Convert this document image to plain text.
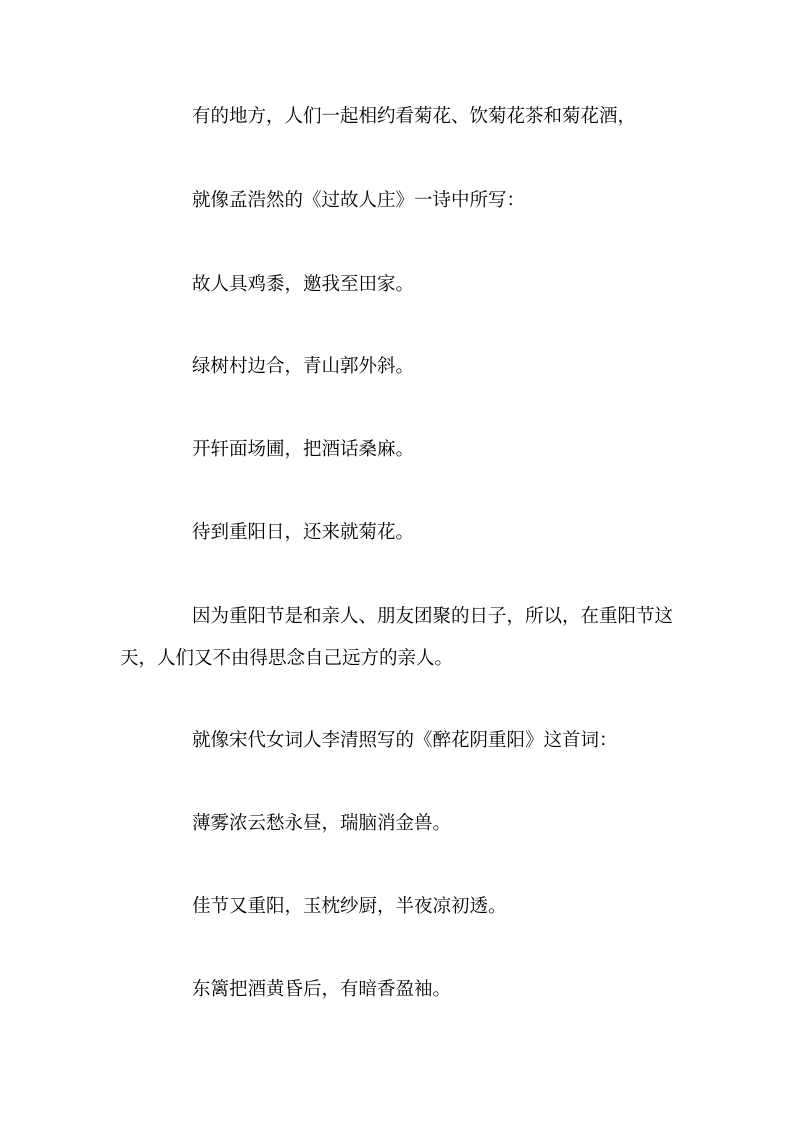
有的地方，人们一起相约看菊花、饮菊花茶和菊花酒，

就像孟浩然的《过故人庄》一诗中所写：

故人具鸡黍，邀我至田家。

绿树村边合，青山郭外斜。

开轩面场圃，把酒话桑麻。

待到重阳日，还来就菊花。

因为重阳节是和亲人、朋友团聚的日子，所以，在重阳节这天，人们又不由得思念自己远方的亲人。

就像宋代女词人李清照写的《醉花阴重阳》这首词：

薄雾浓云愁永昼，瑞脑消金兽。

佳节又重阳，玉枕纱厨，半夜凉初透。

东篱把酒黄昏后，有暗香盈袖。
